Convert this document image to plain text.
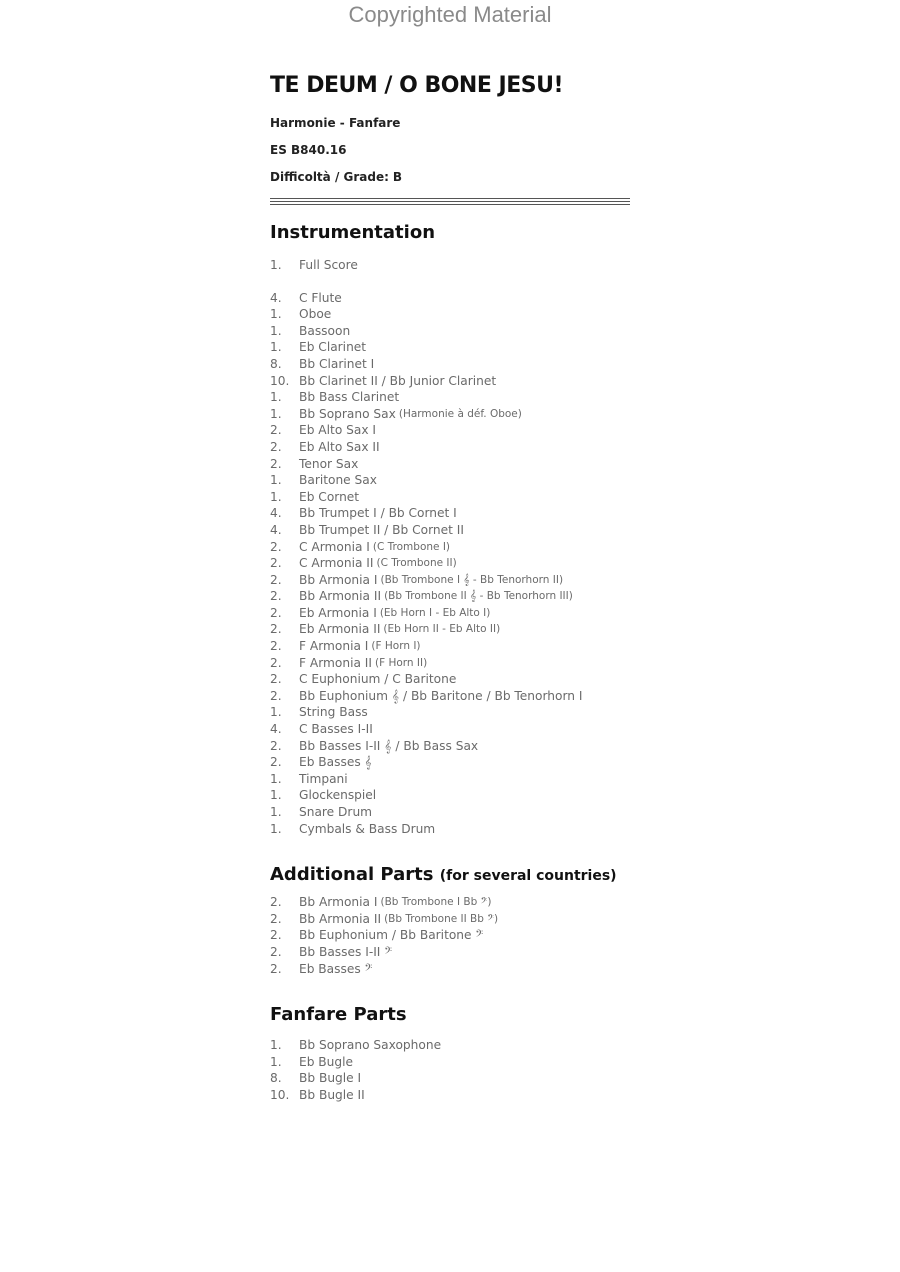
Copyrighted Material
TE DEUM / O BONE JESU!
Harmonie - Fanfare
ES B840.16
Difficoltà / Grade: B
Instrumentation
1.	Full Score
4.	C Flute
1.	Oboe
1.	Bassoon
1.	Eb Clarinet
8.	Bb Clarinet I
10. Bb Clarinet II / Bb Junior Clarinet
1.	Bb Bass Clarinet
1.	Bb Soprano Sax (Harmonie à déf. Oboe)
2.	Eb Alto Sax I
2.	Eb Alto Sax II
2.	Tenor Sax
1.	Baritone Sax
1.	Eb Cornet
4.	Bb Trumpet I / Bb Cornet I
4.	Bb Trumpet II / Bb Cornet II
2.	C Armonia I (C Trombone I)
2.	C Armonia II (C Trombone II)
2.	Bb Armonia I (Bb Trombone I 𝄞 - Bb Tenorhorn II)
2.	Bb Armonia II (Bb Trombone II 𝄞 - Bb Tenorhorn III)
2.	Eb Armonia I (Eb Horn I - Eb Alto I)
2.	Eb Armonia II (Eb Horn II - Eb Alto II)
2.	F Armonia I (F Horn I)
2.	F Armonia II (F Horn II)
2.	C Euphonium / C Baritone
2.	Bb Euphonium 𝄞 / Bb Baritone / Bb Tenorhorn I
1.	String Bass
4.	C Basses I-II
2.	Bb Basses I-II 𝄞 / Bb Bass Sax
2.	Eb Basses 𝄞
1.	Timpani
1.	Glockenspiel
1.	Snare Drum
1.	Cymbals & Bass Drum
Additional Parts (for several countries)
2.	Bb Armonia I (Bb Trombone I Bb 𝄢)
2.	Bb Armonia II (Bb Trombone II Bb 𝄢)
2.	Bb Euphonium / Bb Baritone 𝄢
2.	Bb Basses I-II 𝄢
2.	Eb Basses 𝄢
Fanfare Parts
1.	Bb Soprano Saxophone
1.	Eb Bugle
8.	Bb Bugle I
10. Bb Bugle II
